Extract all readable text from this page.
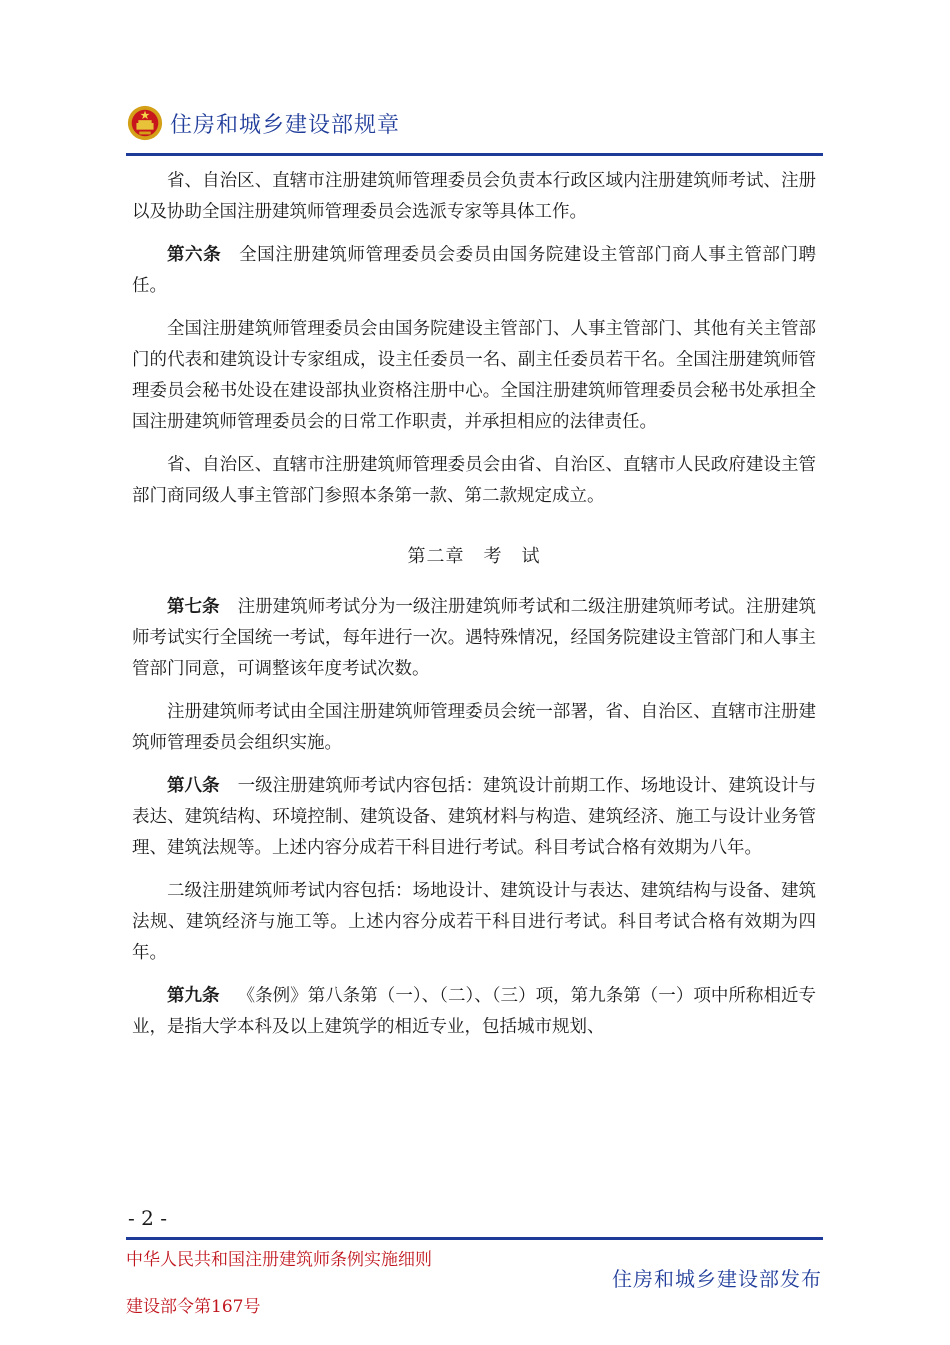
住房和城乡建设部规章

省、自治区、直辖市注册建筑师管理委员会负责本行政区域内注册建筑师考试、注册以及协助全国注册建筑师管理委员会选派专家等具体工作。

第六条 全国注册建筑师管理委员会委员由国务院建设主管部门商人事主管部门聘任。

全国注册建筑师管理委员会由国务院建设主管部门、人事主管部门、其他有关主管部门的代表和建筑设计专家组成，设主任委员一名、副主任委员若干名。全国注册建筑师管理委员会秘书处设在建设部执业资格注册中心。全国注册建筑师管理委员会秘书处承担全国注册建筑师管理委员会的日常工作职责，并承担相应的法律责任。

省、自治区、直辖市注册建筑师管理委员会由省、自治区、直辖市人民政府建设主管部门商同级人事主管部门参照本条第一款、第二款规定成立。

第二章　考　试

第七条 注册建筑师考试分为一级注册建筑师考试和二级注册建筑师考试。注册建筑师考试实行全国统一考试，每年进行一次。遇特殊情况，经国务院建设主管部门和人事主管部门同意，可调整该年度考试次数。

注册建筑师考试由全国注册建筑师管理委员会统一部署，省、自治区、直辖市注册建筑师管理委员会组织实施。

第八条 一级注册建筑师考试内容包括：建筑设计前期工作、场地设计、建筑设计与表达、建筑结构、环境控制、建筑设备、建筑材料与构造、建筑经济、施工与设计业务管理、建筑法规等。上述内容分成若干科目进行考试。科目考试合格有效期为八年。

二级注册建筑师考试内容包括：场地设计、建筑设计与表达、建筑结构与设备、建筑法规、建筑经济与施工等。上述内容分成若干科目进行考试。科目考试合格有效期为四年。

第九条 《条例》第八条第（一）、（二）、（三）项，第九条第（一）项中所称相近专业，是指大学本科及以上建筑学的相近专业，包括城市规划、

- 2 -
中华人民共和国注册建筑师条例实施细则
建设部令第167号
住房和城乡建设部发布
